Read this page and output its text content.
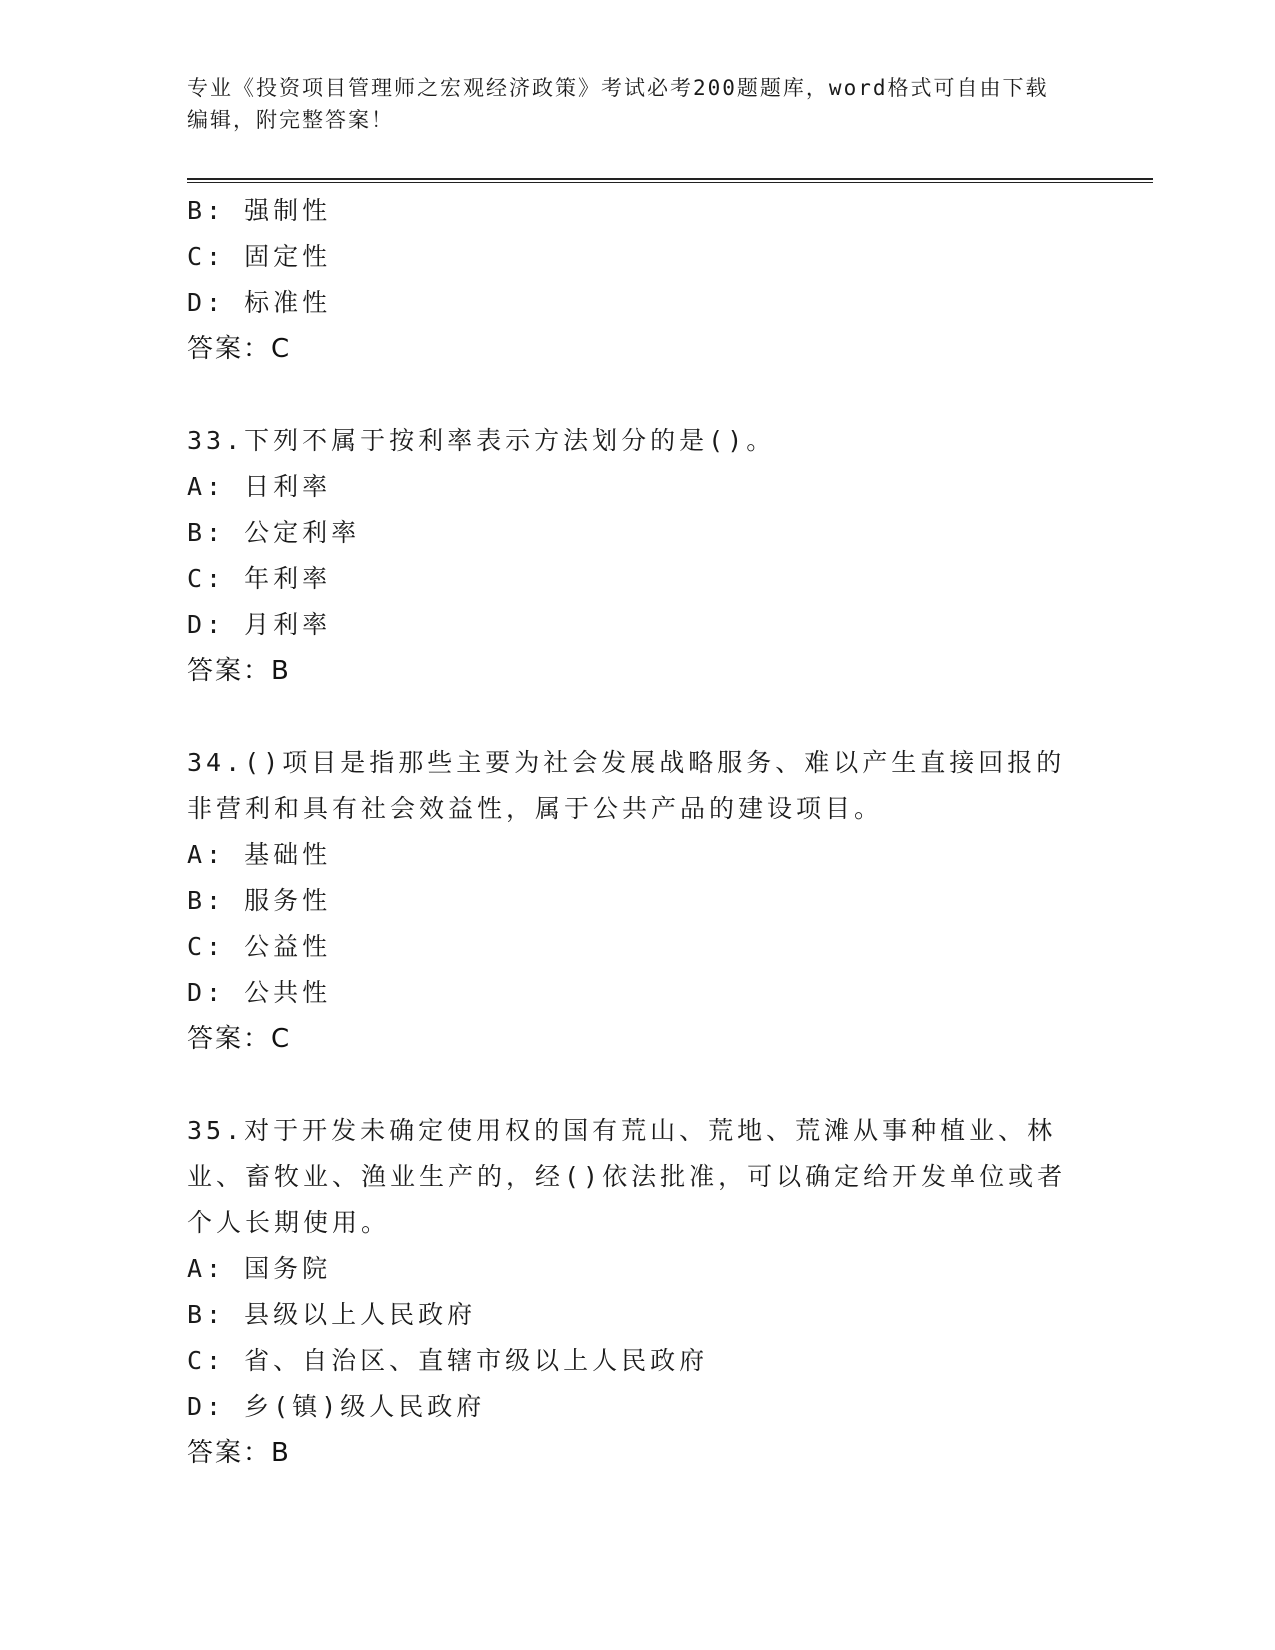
专业《投资项目管理师之宏观经济政策》考试必考200题题库，word格式可自由下载编辑，附完整答案！
B: 强制性
C: 固定性
D: 标准性
答案：C
33.下列不属于按利率表示方法划分的是()。
A: 日利率
B: 公定利率
C: 年利率
D: 月利率
答案：B
34.()项目是指那些主要为社会发展战略服务、难以产生直接回报的非营利和具有社会效益性，属于公共产品的建设项目。
A: 基础性
B: 服务性
C: 公益性
D: 公共性
答案：C
35.对于开发未确定使用权的国有荒山、荒地、荒滩从事种植业、林业、畜牧业、渔业生产的，经()依法批准，可以确定给开发单位或者个人长期使用。
A: 国务院
B: 县级以上人民政府
C: 省、自治区、直辖市级以上人民政府
D: 乡(镇)级人民政府
答案：B
